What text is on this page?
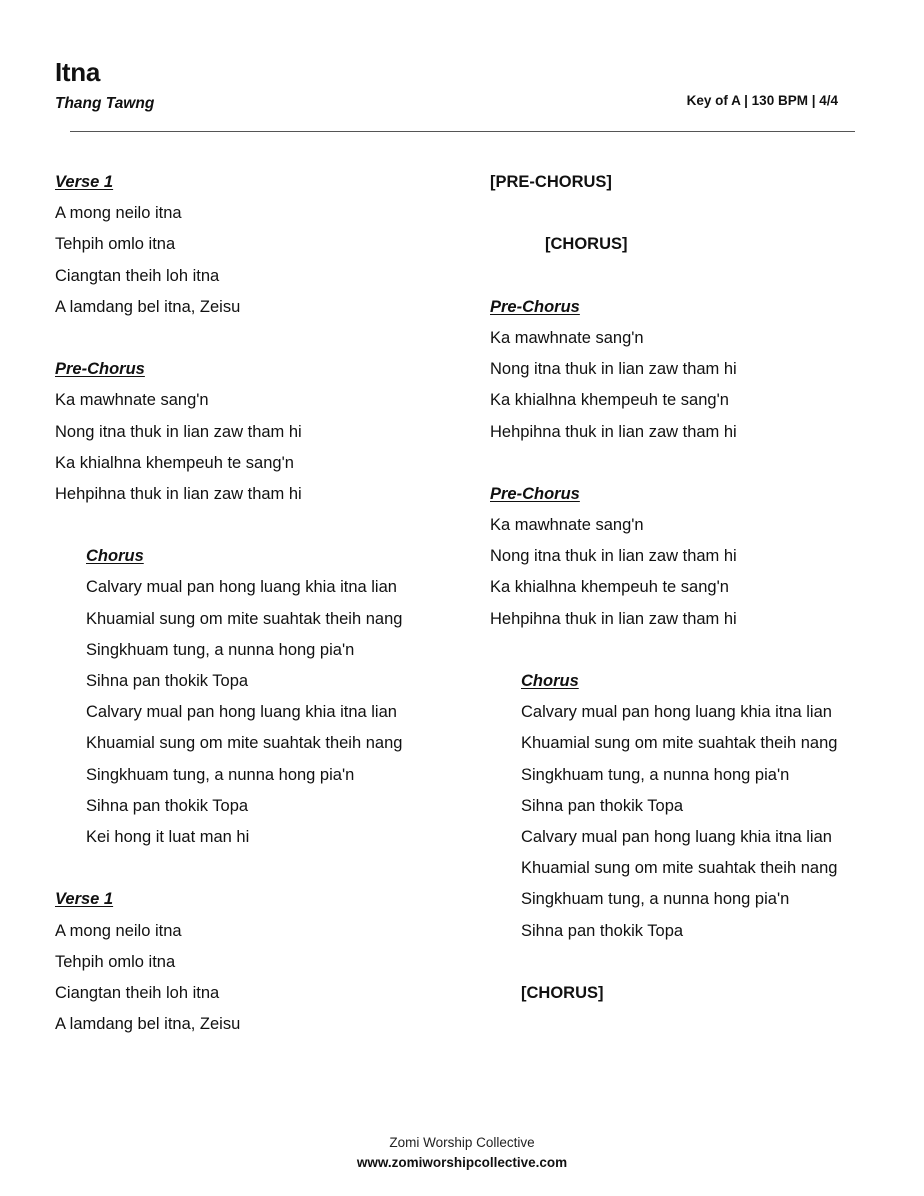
Itna
Thang Tawng	Key of A | 130 BPM | 4/4
Verse 1
A mong neilo itna
Tehpih omlo itna
Ciangtan theih loh itna
A lamdang bel itna, Zeisu
Pre-Chorus
Ka mawhnate sang'n
Nong itna thuk in lian zaw tham hi
Ka khialhna khempeuh te sang'n
Hehpihna thuk in lian zaw tham hi
Chorus
Calvary mual pan hong luang khia itna lian
Khuamial sung om mite suahtak theih nang
Singkhuam tung, a nunna hong pia'n
Sihna pan thokik Topa
Calvary mual pan hong luang khia itna lian
Khuamial sung om mite suahtak theih nang
Singkhuam tung, a nunna hong pia'n
Sihna pan thokik Topa
Kei hong it luat man hi
Verse 1
A mong neilo itna
Tehpih omlo itna
Ciangtan theih loh itna
A lamdang bel itna, Zeisu
[PRE-CHORUS]
[CHORUS]
Pre-Chorus
Ka mawhnate sang'n
Nong itna thuk in lian zaw tham hi
Ka khialhna khempeuh te sang'n
Hehpihna thuk in lian zaw tham hi
Pre-Chorus
Ka mawhnate sang'n
Nong itna thuk in lian zaw tham hi
Ka khialhna khempeuh te sang'n
Hehpihna thuk in lian zaw tham hi
Chorus
Calvary mual pan hong luang khia itna lian
Khuamial sung om mite suahtak theih nang
Singkhuam tung, a nunna hong pia'n
Sihna pan thokik Topa
Calvary mual pan hong luang khia itna lian
Khuamial sung om mite suahtak theih nang
Singkhuam tung, a nunna hong pia'n
Sihna pan thokik Topa
[CHORUS]
Zomi Worship Collective
www.zomiworshipcollective.com
